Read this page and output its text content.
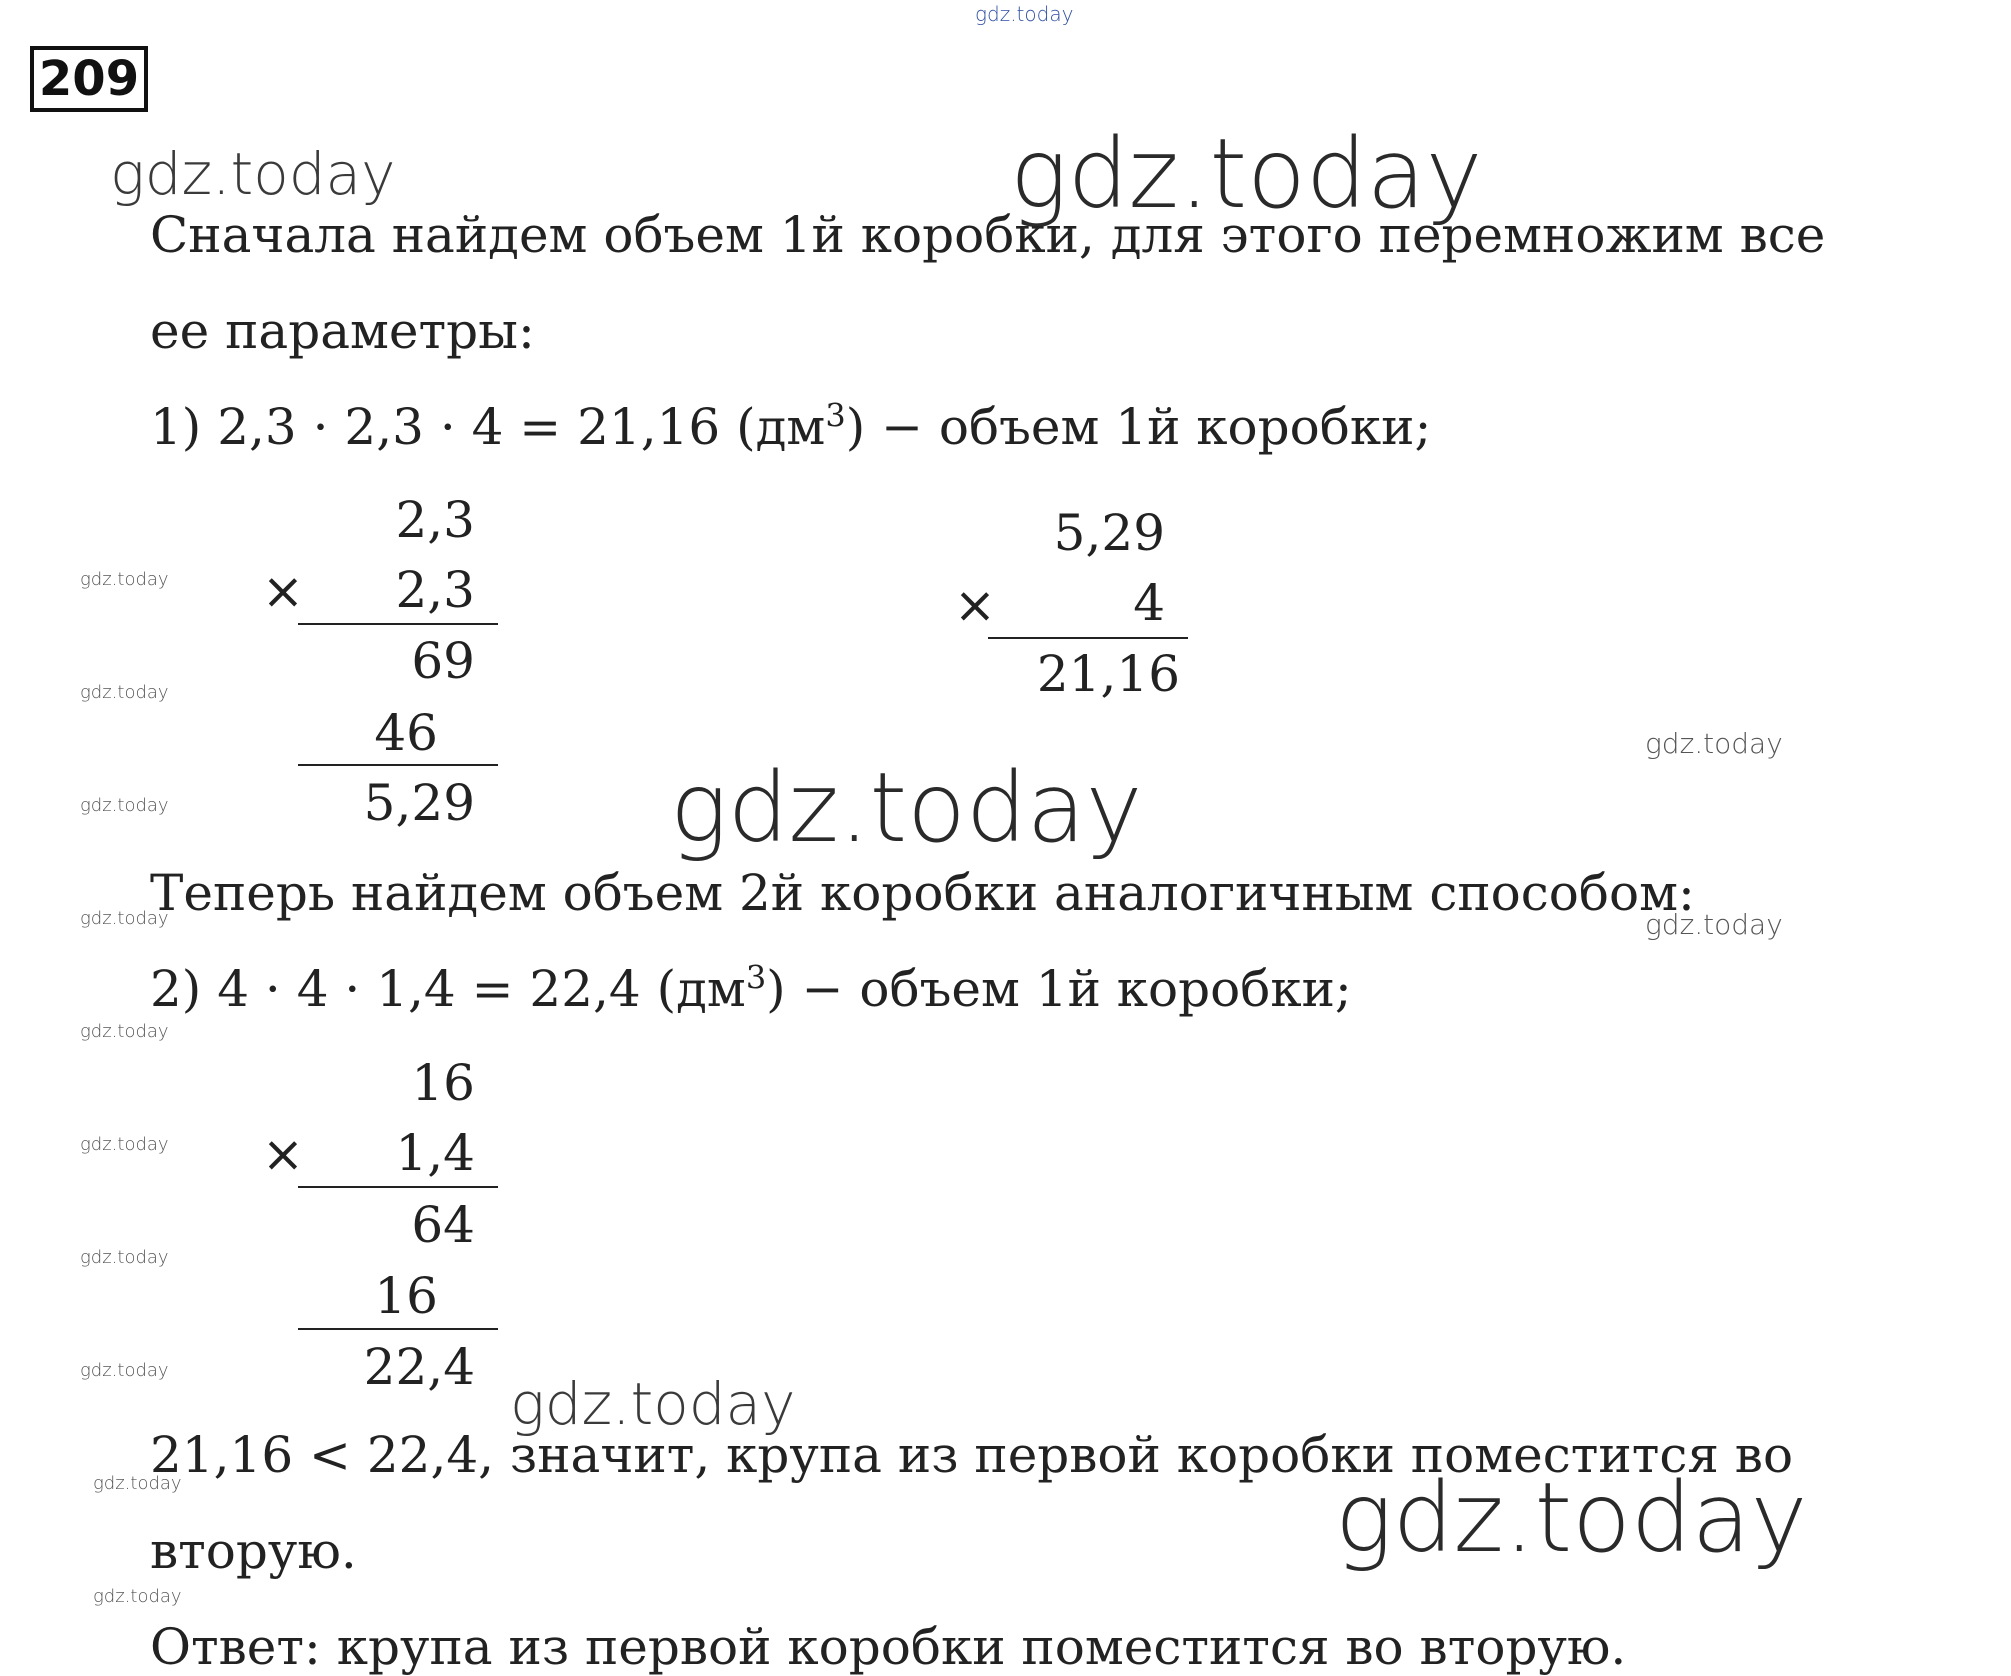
gdz.today
209
gdz.today	gdz.today
gdz.today
gdz.today
gdz.today
gdz.today
gdz.today
gdz.today
gdz.today
gdz.today
gdz.today
gdz.today
gdz.today
gdz.today
gdz.today
gdz.today
gdz.today
Сначала найдем объем 1й коробки, для этого перемножим все
ее параметры:
1) 2,3 · 2,3 · 4 = 21,16 $(дм^3)$ − объем 1й коробки;
2,3
×	2,3
69
46
5,29
5,29
×	4
21,16
Теперь найдем объем 2й коробки аналогичным способом:
2) 4 · 4 · 1,4 = 22,4 $(дм^3)$ − объем 1й коробки;
16
×	1,4
64
16
22,4
21,16 < 22,4, значит, крупа из первой коробки поместится во
вторую.
Ответ: крупа из первой коробки поместится во вторую.
